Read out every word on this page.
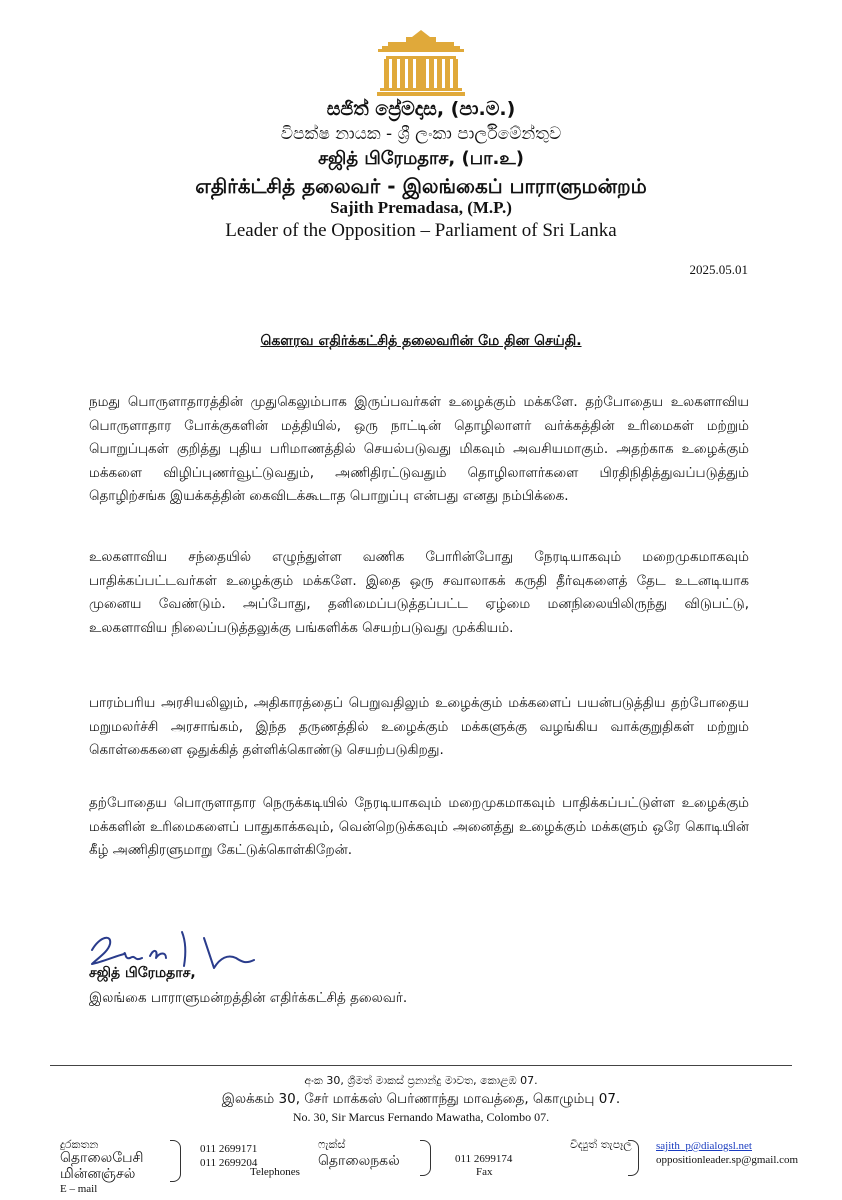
සජිත් ප්‍රේමදාස, (පා.ම.)
විපක්ෂ නායක - ශ්‍රී ලංකා පාර්ලිමේන්තුව
சஜித் பிரேமதாச, (பா.உ)
எதிர்க்ட்சித் தலைவர் - இலங்கைப் பாராளுமன்றம்
Sajith Premadasa, (M.P.)
Leader of the Opposition – Parliament of Sri Lanka
2025.05.01
கௌரவ எதிர்க்கட்சித் தலைவரின் மே தின செய்தி.
நமது பொருளாதாரத்தின் முதுகெலும்பாக இருப்பவர்கள் உழைக்கும் மக்களே. தற்போதைய உலகளாவிய பொருளாதார போக்குகளின் மத்தியில், ஒரு நாட்டின் தொழிலாளர் வர்க்கத்தின் உரிமைகள் மற்றும் பொறுப்புகள் குறித்து புதிய பரிமாணத்தில் செயல்படுவது மிகவும் அவசியமாகும். அதற்காக உழைக்கும் மக்களை விழிப்புணர்வூட்டுவதும், அணிதிரட்டுவதும் தொழிலாளர்களை பிரதிநிதித்துவப்படுத்தும் தொழிற்சங்க இயக்கத்தின் கைவிடக்கூடாத பொறுப்பு என்பது எனது நம்பிக்கை.
உலகளாவிய சந்தையில் எழுந்துள்ள வணிக போரின்போது நேரடியாகவும் மறைமுகமாகவும் பாதிக்கப்பட்டவர்கள் உழைக்கும் மக்களே. இதை ஒரு சவாலாகக் கருதி தீர்வுகளைத் தேட உடனடியாக முனைய வேண்டும். அப்போது, தனிமைப்படுத்தப்பட்ட ஏழ்மை மனநிலையிலிருந்து விடுபட்டு, உலகளாவிய நிலைப்படுத்தலுக்கு பங்களிக்க செயற்படுவது முக்கியம்.
பாரம்பரிய அரசியலிலும், அதிகாரத்தைப் பெறுவதிலும் உழைக்கும் மக்களைப் பயன்படுத்திய தற்போதைய மறுமலர்ச்சி அரசாங்கம், இந்த தருணத்தில் உழைக்கும் மக்களுக்கு வழங்கிய வாக்குறுதிகள் மற்றும் கொள்கைகளை ஒதுக்கித் தள்ளிக்கொண்டு செயற்படுகிறது.
தற்போதைய பொருளாதார நெருக்கடியில் நேரடியாகவும் மறைமுகமாகவும் பாதிக்கப்பட்டுள்ள உழைக்கும் மக்களின் உரிமைகளைப் பாதுகாக்கவும், வென்றெடுக்கவும் அனைத்து உழைக்கும் மக்களும் ஒரே கொடியின் கீழ் அணிதிரளுமாறு கேட்டுக்கொள்கிறேன்.
சஜித் பிரேமதாச,
இலங்கை பாராளுமன்றத்தின் எதிர்க்கட்சித் தலைவர்.
අංක 30, ශ්‍රීමත් මාකස් ප්‍රනාන්දු මාවත, කොළඹ 07.
இலக்கம் 30, சேர் மாக்கஸ் பெர்ணாந்து மாவத்தை, கொழும்பு 07.
No. 30, Sir Marcus Fernando Mawatha, Colombo 07.
දුරකතන
தொலைபேசி
மின்னஞ்சல்
E – mail
011 2699171
011 2699204
Telephones
ෆැක්ස්
தொலைநகல்	011 2699174
Fax
විද්‍යුත් තැපෑල sajith_p@dialogsl.net
oppositionleader.sp@gmail.com
